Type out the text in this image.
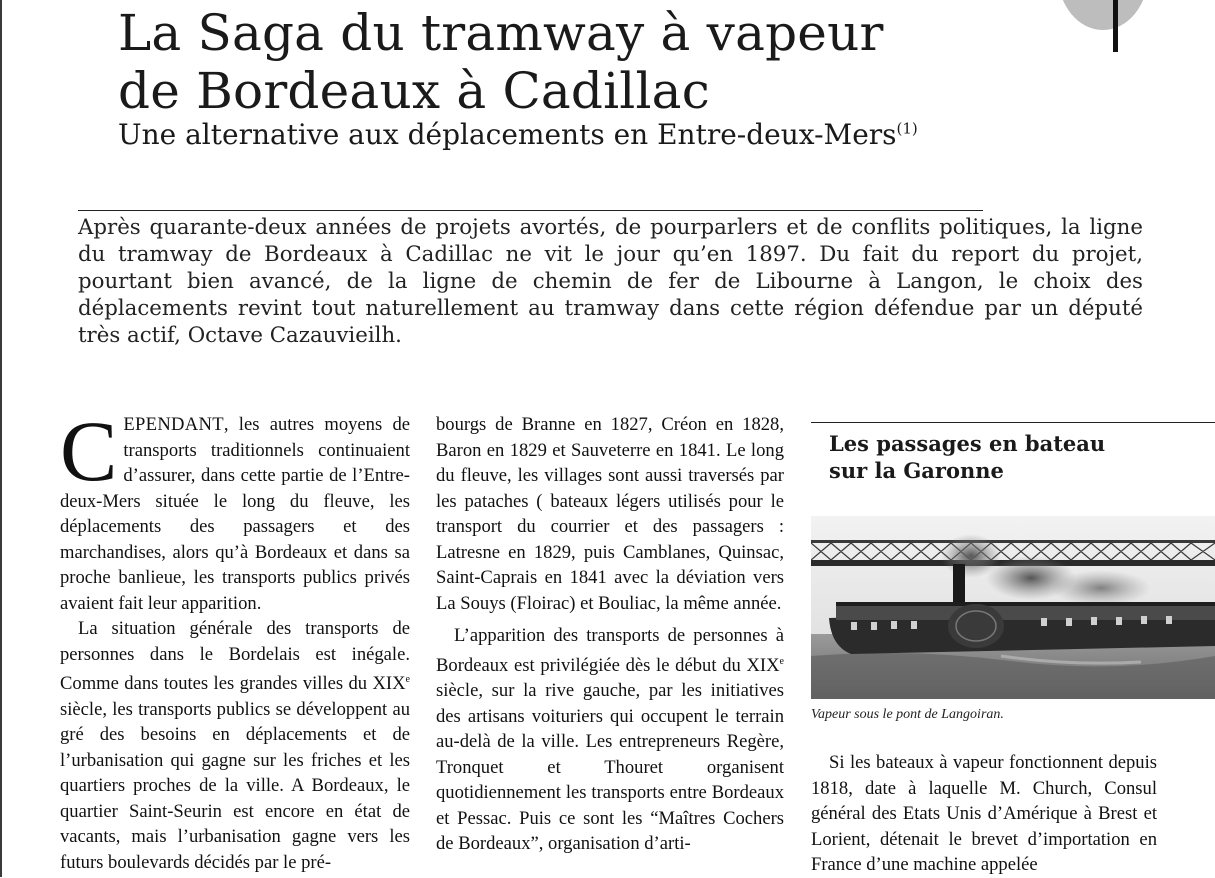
La Saga du tramway à vapeur
de Bordeaux à Cadillac
Une alternative aux déplacements en Entre-deux-Mers$^{(1)}$

Après quarante-deux années de projets avortés, de pourparlers et de conflits politiques, la ligne du tramway de Bordeaux à Cadillac ne vit le jour qu’en 1897. Du fait du report du projet, pourtant bien avancé, de la ligne de chemin de fer de Libourne à Langon, le choix des déplacements revint tout naturellement au tramway dans cette région défendue par un député très actif, Octave Cazauvieilh.

CEPENDANT, les autres moyens de transports traditionnels continuaient d’assurer, dans cette partie de l’Entre-deux-Mers située le long du fleuve, les déplacements des passagers et des marchandises, alors qu’à Bordeaux et dans sa proche banlieue, les transports publics privés avaient fait leur apparition.

La situation générale des transports de personnes dans le Bordelais est inégale. Comme dans toutes les grandes villes du XIXe siècle, les transports publics se développent au gré des besoins en déplacements et de l’urbanisation qui gagne sur les friches et les quartiers proches de la ville. A Bordeaux, le quartier Saint-Seurin est encore en état de vacants, mais l’urbanisation gagne vers les futurs boulevards décidés par le pré-

bourgs de Branne en 1827, Créon en 1828, Baron en 1829 et Sauveterre en 1841. Le long du fleuve, les villages sont aussi traversés par les pataches ( bateaux légers utilisés pour le transport du courrier et des passagers : Latresne en 1829, puis Camblanes, Quinsac, Saint-Caprais en 1841 avec la déviation vers La Souys (Floirac) et Bouliac, la même année.

L’apparition des transports de personnes à Bordeaux est privilégiée dès le début du XIXe siècle, sur la rive gauche, par les initiatives des artisans voituriers qui occupent le terrain au-delà de la ville. Les entrepreneurs Regère, Tronquet et Thouret organisent quotidiennement les transports entre Bordeaux et Pessac. Puis ce sont les “Maîtres Cochers de Bordeaux”, organisation d’arti-

Les passages en bateau
sur la Garonne

Vapeur sous le pont de Langoiran.

Si les bateaux à vapeur fonctionnent depuis 1818, date à laquelle M. Church, Consul général des Etats Unis d’Amérique à Brest et Lorient, détenait le brevet d’importation en France d’une machine appelée
